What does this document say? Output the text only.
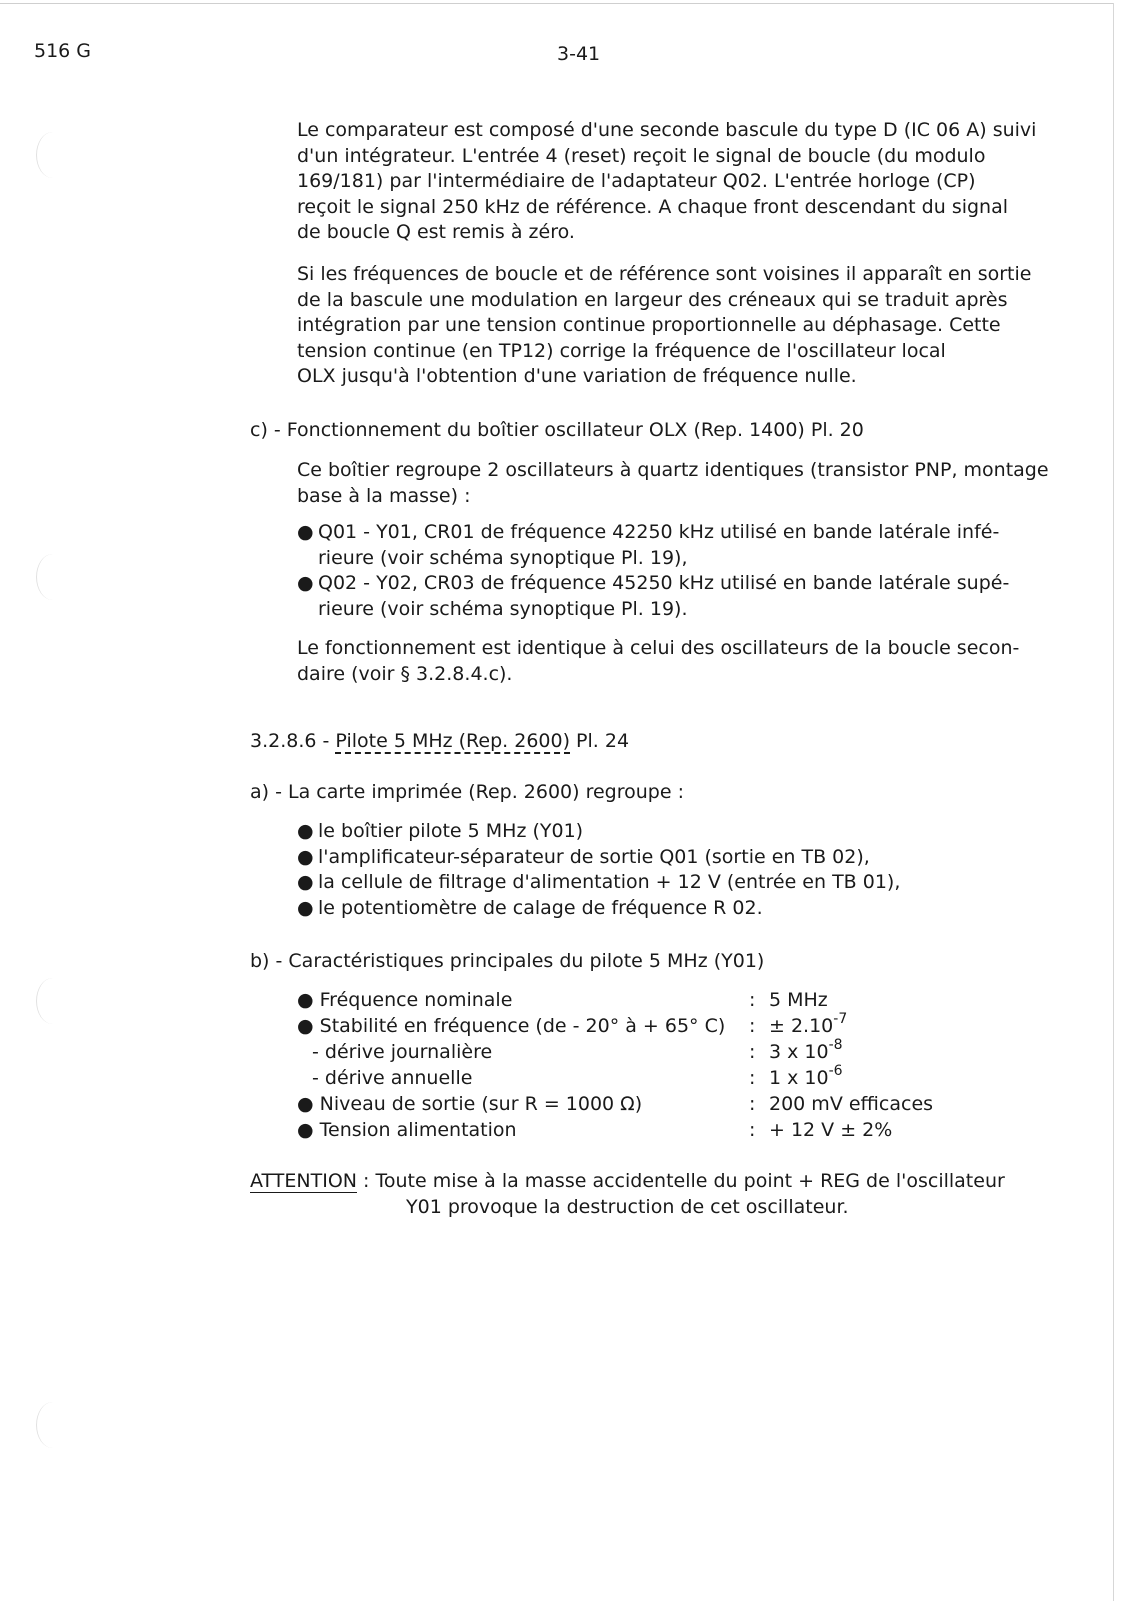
516 G	3-41
Le comparateur est composé d'une seconde bascule du type D (IC 06 A) suivi
d'un intégrateur. L'entrée 4 (reset) reçoit le signal de boucle (du modulo
169/181) par l'intermédiaire de l'adaptateur Q02. L'entrée horloge (CP)
reçoit le signal 250 kHz de référence. A chaque front descendant du signal
de boucle Q est remis à zéro.
Si les fréquences de boucle et de référence sont voisines il apparaît en sortie
de la bascule une modulation en largeur des créneaux qui se traduit après
intégration par une tension continue proportionnelle au déphasage. Cette
tension continue (en TP12) corrige la fréquence de l'oscillateur local
OLX jusqu'à l'obtention d'une variation de fréquence nulle.
c) - Fonctionnement du boîtier oscillateur OLX (Rep. 1400) Pl. 20
Ce boîtier regroupe 2 oscillateurs à quartz identiques (transistor PNP, montage
base à la masse) :
● Q01 - Y01, CR01 de fréquence 42250 kHz utilisé en bande latérale infé-
rieure (voir schéma synoptique Pl. 19),
● Q02 - Y02, CR03 de fréquence 45250 kHz utilisé en bande latérale supé-
rieure (voir schéma synoptique Pl. 19).
Le fonctionnement est identique à celui des oscillateurs de la boucle secon-
daire (voir § 3.2.8.4.c).
3.2.8.6 - Pilote 5 MHz (Rep. 2600) Pl. 24
a) - La carte imprimée (Rep. 2600) regroupe :
● le boîtier pilote 5 MHz (Y01)
● l'amplificateur-séparateur de sortie Q01 (sortie en TB 02),
● la cellule de filtrage d'alimentation + 12 V (entrée en TB 01),
● le potentiomètre de calage de fréquence R 02.
b) - Caractéristiques principales du pilote 5 MHz (Y01)
● Fréquence nominale	: 5 MHz
● Stabilité en fréquence (de - 20° à + 65° C) : ± $2.10^{-7}$
- dérive journalière	: 3 x $10^{-8}$
- dérive annuelle	: 1 x $10^{-6}$
● Niveau de sortie (sur R = 1000 Ω)	: 200 mV efficaces
● Tension alimentation	: + 12 V ± 2%
ATTENTION : Toute mise à la masse accidentelle du point + REG de l'oscillateur
Y01 provoque la destruction de cet oscillateur.
